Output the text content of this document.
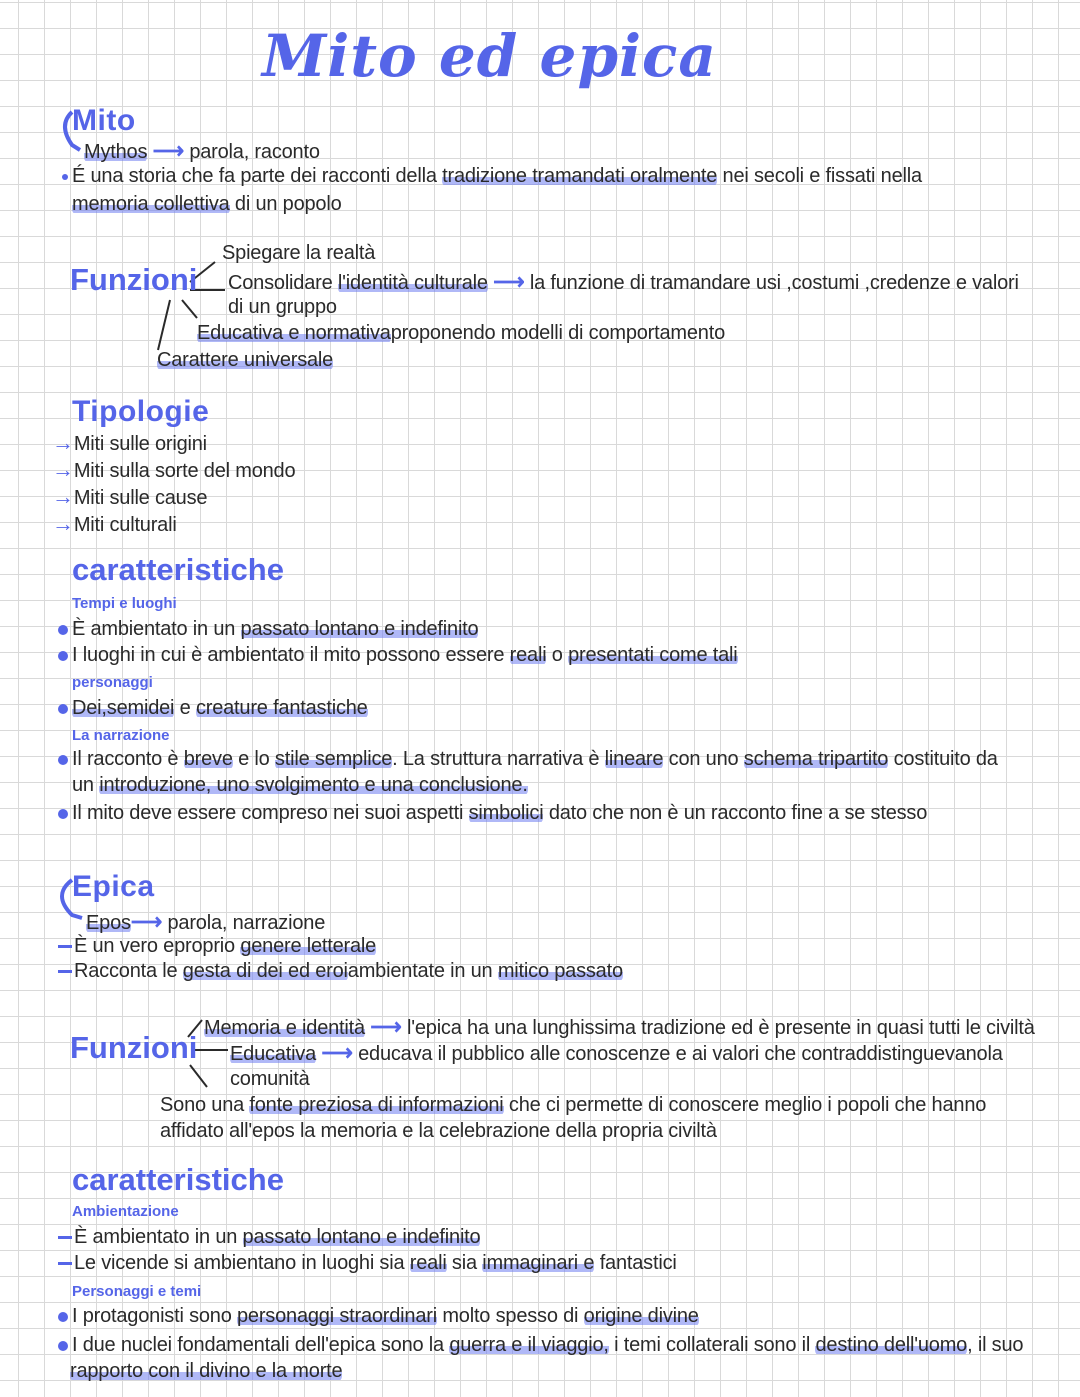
Mito ed epica
Mito
Mythos ⟶ parola, raconto
É una storia che fa parte dei racconti della tradizione tramandati oralmente nei secoli e fissati nella
memoria collettiva di un popolo
Funzioni
Spiegare la realtà
Consolidare l'identità culturale ⟶ la funzione di tramandare usi ,costumi ,credenze e valori
di un gruppo
Educativa e normativaproponendo modelli di comportamento
Carattere universale
Tipologie
→Miti sulle origini
→Miti sulla sorte del mondo
→Miti sulle cause
→Miti culturali
caratteristiche
Tempi e luoghi
È ambientato in un passato lontano e indefinito
I luoghi in cui è ambientato il mito possono essere reali o presentati come tali
personaggi
Dei,semidei e creature fantastiche
La narrazione
Il racconto è breve e lo stile semplice. La struttura narrativa è lineare con uno schema tripartito costituito da
un introduzione, uno svolgimento e una conclusione.
Il mito deve essere compreso nei suoi aspetti simbolici dato che non è un racconto fine a se stesso
Epica
Epos⟶ parola, narrazione
È un vero eproprio genere letterale
Racconta le gesta di dei ed eroiambientate in un mitico passato
Funzioni
Memoria e identità ⟶ l'epica ha una lunghissima tradizione ed è presente in quasi tutti le civiltà
Educativa ⟶ educava il pubblico alle conoscenze e ai valori che contraddistinguevanola
comunità
Sono una fonte preziosa di informazioni che ci permette di conoscere meglio i popoli che hanno
affidato all'epos la memoria e la celebrazione della propria civiltà
caratteristiche
Ambientazione
È ambientato in un passato lontano e indefinito
Le vicende si ambientano in luoghi sia reali sia immaginari e fantastici
Personaggi e temi
I protagonisti sono personaggi straordinari molto spesso di origine divine
I due nuclei fondamentali dell'epica sono la guerra e il viaggio, i temi collaterali sono il destino dell'uomo, il suo
rapporto con il divino e la morte
